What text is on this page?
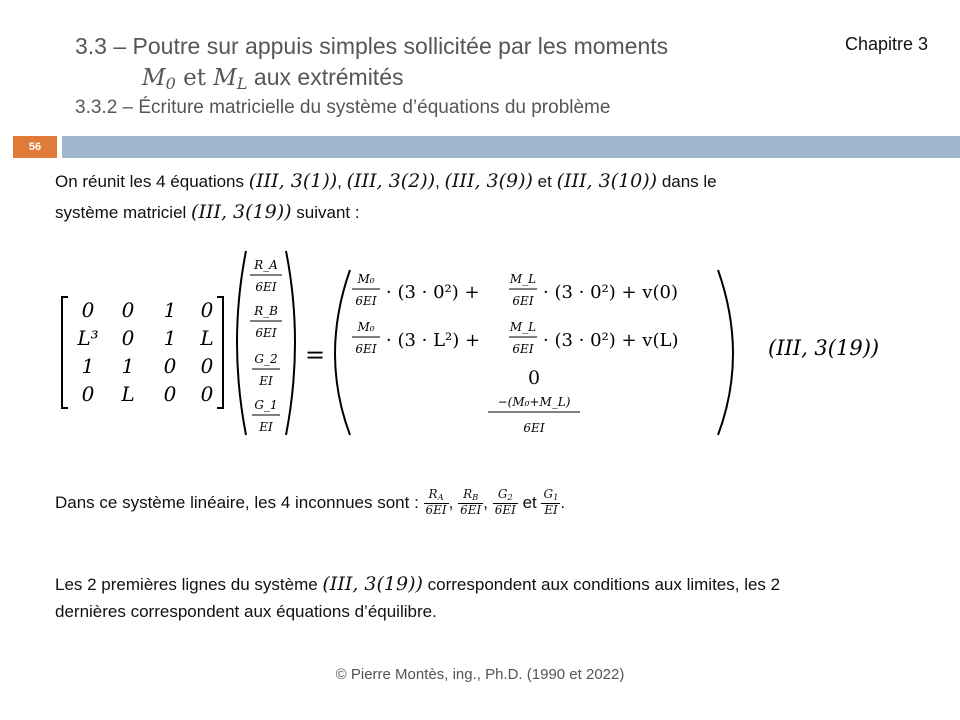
3.3 – Poutre sur appuis simples sollicitée par les moments
$M_0$ et $M_L$ aux extrémités
3.3.2 – Écriture matricielle du système d’équations du problème
Chapitre 3
56
On réunit les 4 équations (III, 3(1)), (III, 3(2)), (III, 3(9)) et (III, 3(10)) dans le
système matriciel (III, 3(19)) suivant :
0 0 1 0
L³ 0 1 L
1 1 0 0
0 L 0 0
R_A
6EI
R_B
6EI
G_2
EI
G_1
EI
=
M₀
6EI · (3 · 0²) +
M_L
6EI · (3 · 0²) + v(0)
M₀
6EI · (3 · L²) +
M_L
6EI · (3 · 0²) + v(L)
0
−(M₀+M_L)
6EI
(III, 3(19))
Dans ce système linéaire, les 4 inconnues sont : $\frac{R_A}{6EI}$ , $\frac{R_B}{6EI}$ , $\frac{G_2}{6EI}$ et $\frac{G_1}{EI}$ .
Les 2 premières lignes du système (III, 3(19)) correspondent aux conditions aux limites, les 2
dernières correspondent aux équations d’équilibre.
© Pierre Montès, ing., Ph.D. (1990 et 2022)
